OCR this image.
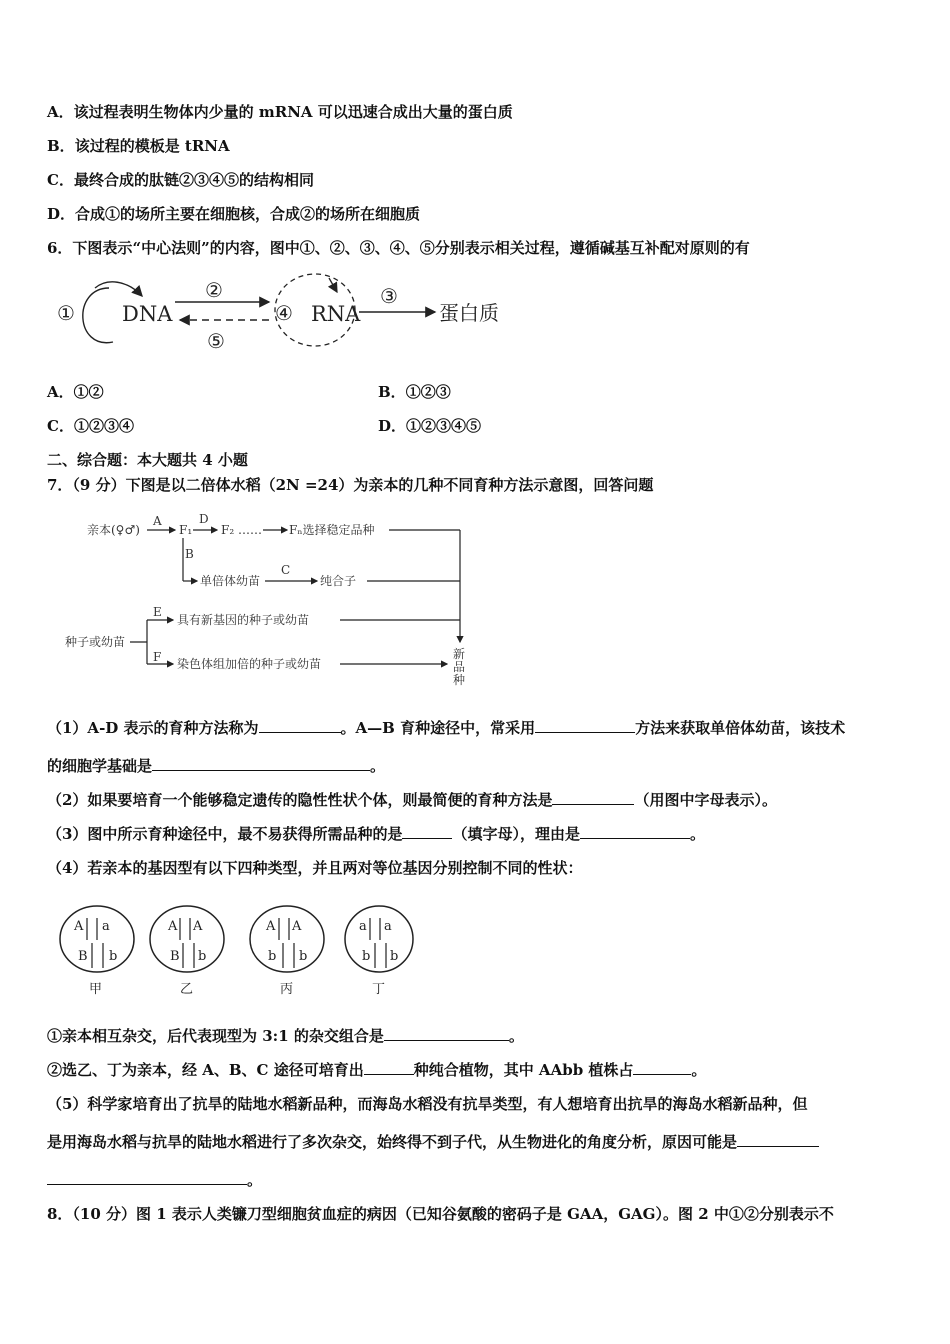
A．该过程表明生物体内少量的 mRNA 可以迅速合成出大量的蛋白质
B．该过程的模板是 tRNA
C．最终合成的肽链②③④⑤的结构相同
D．合成①的场所主要在细胞核，合成②的场所在细胞质
6．下图表示“中心法则”的内容，图中①、②、③、④、⑤分别表示相关过程，遵循碱基互补配对原则的有
① DNA
②
⑤
④ RNA
③
蛋白质
A．①②	B．①②③
C．①②③④	D．①②③④⑤
二、综合题：本大题共 4 小题
7．（9 分）下图是以二倍体水稻（2N =24）为亲本的几种不同育种方法示意图，回答问题
亲本(♀♂)
A
F₁
D
F₂ …… Fₙ选择稳定品种
B
单倍体幼苗
C
纯合子
种子或幼苗
E
具有新基因的种子或幼苗
F 染色体组加倍的种子或幼苗
新
品
种
（1）A-D 表示的育种方法称为	。A—B 育种途径中，常采用	方法来获取单倍体幼苗，该技术
的细胞学基础是	。
（2）如果要培育一个能够稳定遗传的隐性性状个体，则最简便的育种方法是	（用图中字母表示）。
（3）图中所示育种途径中，最不易获得所需品种的是	（填字母），理由是	。
（4）若亲本的基因型有以下四种类型，并且两对等位基因分别控制不同的性状：
A a
B b
甲
A A
B b
乙
A A
b b
丙
a a
b b
丁
①亲本相互杂交，后代表现型为 3:1 的杂交组合是	。
②选乙、丁为亲本，经 A、B、C 途径可培育出	种纯合植物，其中 AAbb 植株占	。
（5）科学家培育出了抗旱的陆地水稻新品种，而海岛水稻没有抗旱类型，有人想培育出抗旱的海岛水稻新品种，但
是用海岛水稻与抗旱的陆地水稻进行了多次杂交，始终得不到子代，从生物进化的角度分析，原因可能是
。
8．（10 分）图 1 表示人类镰刀型细胞贫血症的病因（已知谷氨酸的密码子是 GAA，GAG）。图 2 中①②分别表示不
